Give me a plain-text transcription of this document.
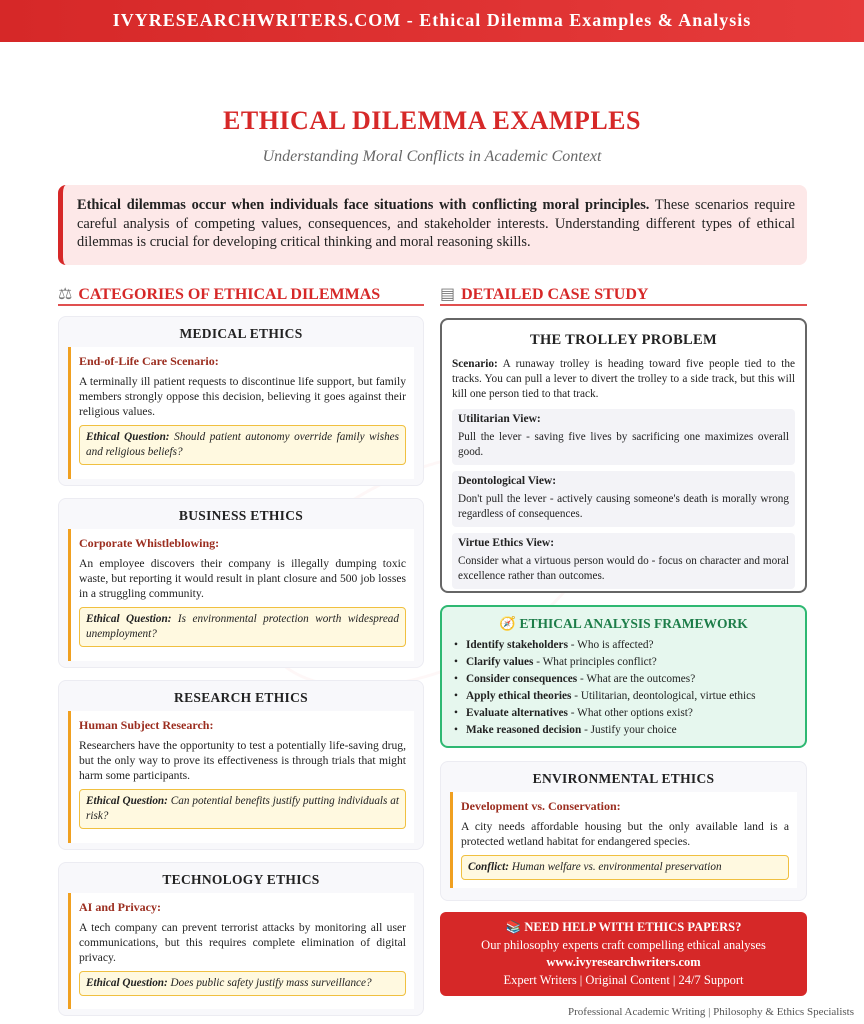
IVYRESEARCHWRITERS.COM - Ethical Dilemma Examples & Analysis
ETHICAL DILEMMA EXAMPLES
Understanding Moral Conflicts in Academic Context
Ethical dilemmas occur when individuals face situations with conflicting moral principles. These scenarios require careful analysis of competing values, consequences, and stakeholder interests. Understanding different types of ethical dilemmas is crucial for developing critical thinking and moral reasoning skills.
⚖ CATEGORIES OF ETHICAL DILEMMAS
MEDICAL ETHICS
End-of-Life Care Scenario:
A terminally ill patient requests to discontinue life support, but family members strongly oppose this decision, believing it goes against their religious values.
Ethical Question: Should patient autonomy override family wishes and religious beliefs?
BUSINESS ETHICS
Corporate Whistleblowing:
An employee discovers their company is illegally dumping toxic waste, but reporting it would result in plant closure and 500 job losses in a struggling community.
Ethical Question: Is environmental protection worth widespread unemployment?
RESEARCH ETHICS
Human Subject Research:
Researchers have the opportunity to test a potentially life-saving drug, but the only way to prove its effectiveness is through trials that might harm some participants.
Ethical Question: Can potential benefits justify putting individuals at risk?
TECHNOLOGY ETHICS
AI and Privacy:
A tech company can prevent terrorist attacks by monitoring all user communications, but this requires complete elimination of digital privacy.
Ethical Question: Does public safety justify mass surveillance?
▤ DETAILED CASE STUDY
THE TROLLEY PROBLEM
Scenario: A runaway trolley is heading toward five people tied to the tracks. You can pull a lever to divert the trolley to a side track, but this will kill one person tied to that track.
Utilitarian View:
Pull the lever - saving five lives by sacrificing one maximizes overall good.
Deontological View:
Don't pull the lever - actively causing someone's death is morally wrong regardless of consequences.
Virtue Ethics View:
Consider what a virtuous person would do - focus on character and moral excellence rather than outcomes.
🧭 ETHICAL ANALYSIS FRAMEWORK
• Identify stakeholders - Who is affected?
• Clarify values - What principles conflict?
• Consider consequences - What are the outcomes?
• Apply ethical theories - Utilitarian, deontological, virtue ethics
• Evaluate alternatives - What other options exist?
• Make reasoned decision - Justify your choice
ENVIRONMENTAL ETHICS
Development vs. Conservation:
A city needs affordable housing but the only available land is a protected wetland habitat for endangered species.
Conflict: Human welfare vs. environmental preservation
📚 NEED HELP WITH ETHICS PAPERS?
Our philosophy experts craft compelling ethical analyses
www.ivyresearchwriters.com
Expert Writers | Original Content | 24/7 Support
Professional Academic Writing | Philosophy & Ethics Specialists
